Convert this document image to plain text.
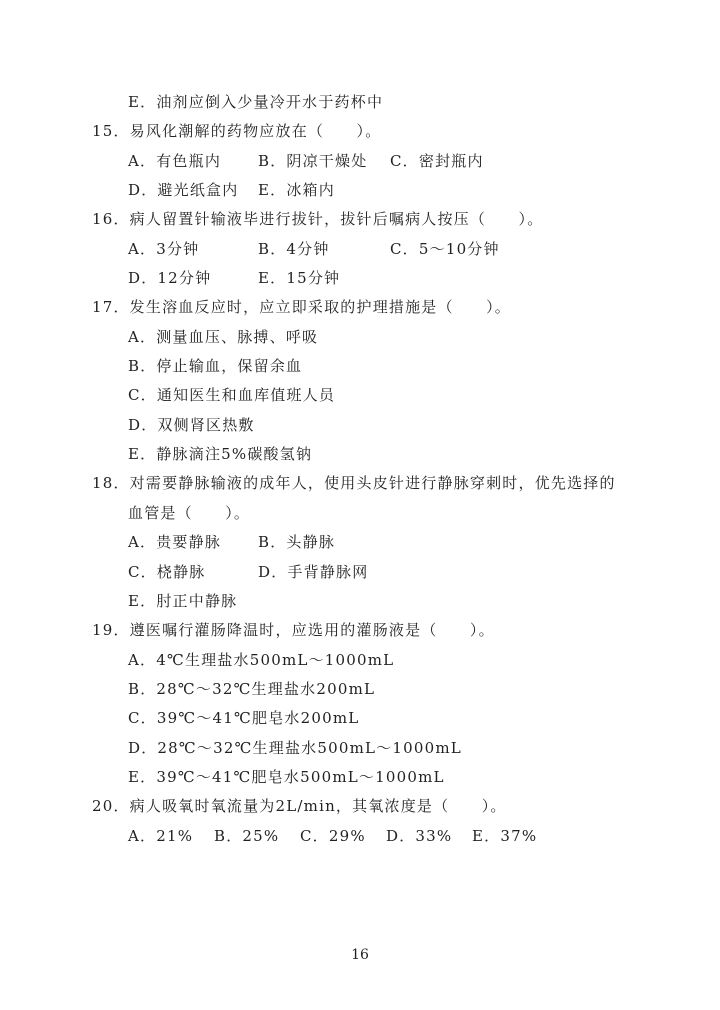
E．油剂应倒入少量冷开水于药杯中
15．易风化潮解的药物应放在（　　）。
A．有色瓶内 B．阴凉干燥处 C．密封瓶内
D．避光纸盒内 E．冰箱内
16．病人留置针输液毕进行拔针，拔针后嘱病人按压（　　）。
A．3分钟	B．4分钟	C．5～10分钟
D．12分钟	E．15分钟
17．发生溶血反应时，应立即采取的护理措施是（　　）。
A．测量血压、脉搏、呼吸
B．停止输血，保留余血
C．通知医生和血库值班人员
D．双侧肾区热敷
E．静脉滴注5%碳酸氢钠
18．对需要静脉输液的成年人，使用头皮针进行静脉穿刺时，优先选择的
血管是（　　）。
A．贵要静脉 B．头静脉
C．桡静脉	D．手背静脉网
E．肘正中静脉
19．遵医嘱行灌肠降温时，应选用的灌肠液是（　　）。
A．4℃生理盐水500mL～1000mL
B．28℃～32℃生理盐水200mL
C．39℃～41℃肥皂水200mL
D．28℃～32℃生理盐水500mL～1000mL
E．39℃～41℃肥皂水500mL～1000mL
20．病人吸氧时氧流量为2L/min，其氧浓度是（　　）。
A．21% B．25% C．29% D．33% E．37%
16
